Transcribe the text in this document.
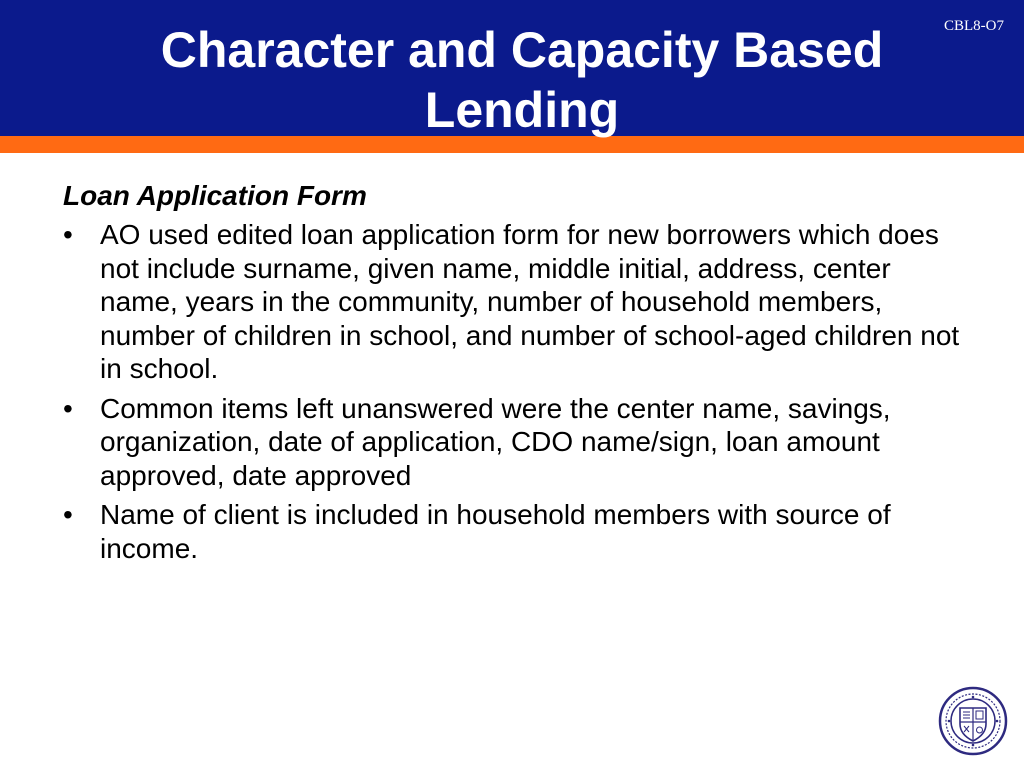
CBL8-O7
Character and Capacity Based Lending
Loan Application Form
• AO used edited loan application form for new borrowers which does not include surname, given name, middle initial, address, center name, years in the community, number of household members, number of children in school, and number of school-aged children not in school.
• Common items left unanswered were the center name, savings, organization, date of application, CDO name/sign, loan amount approved, date approved
• Name of client is included in household members with source of income.
